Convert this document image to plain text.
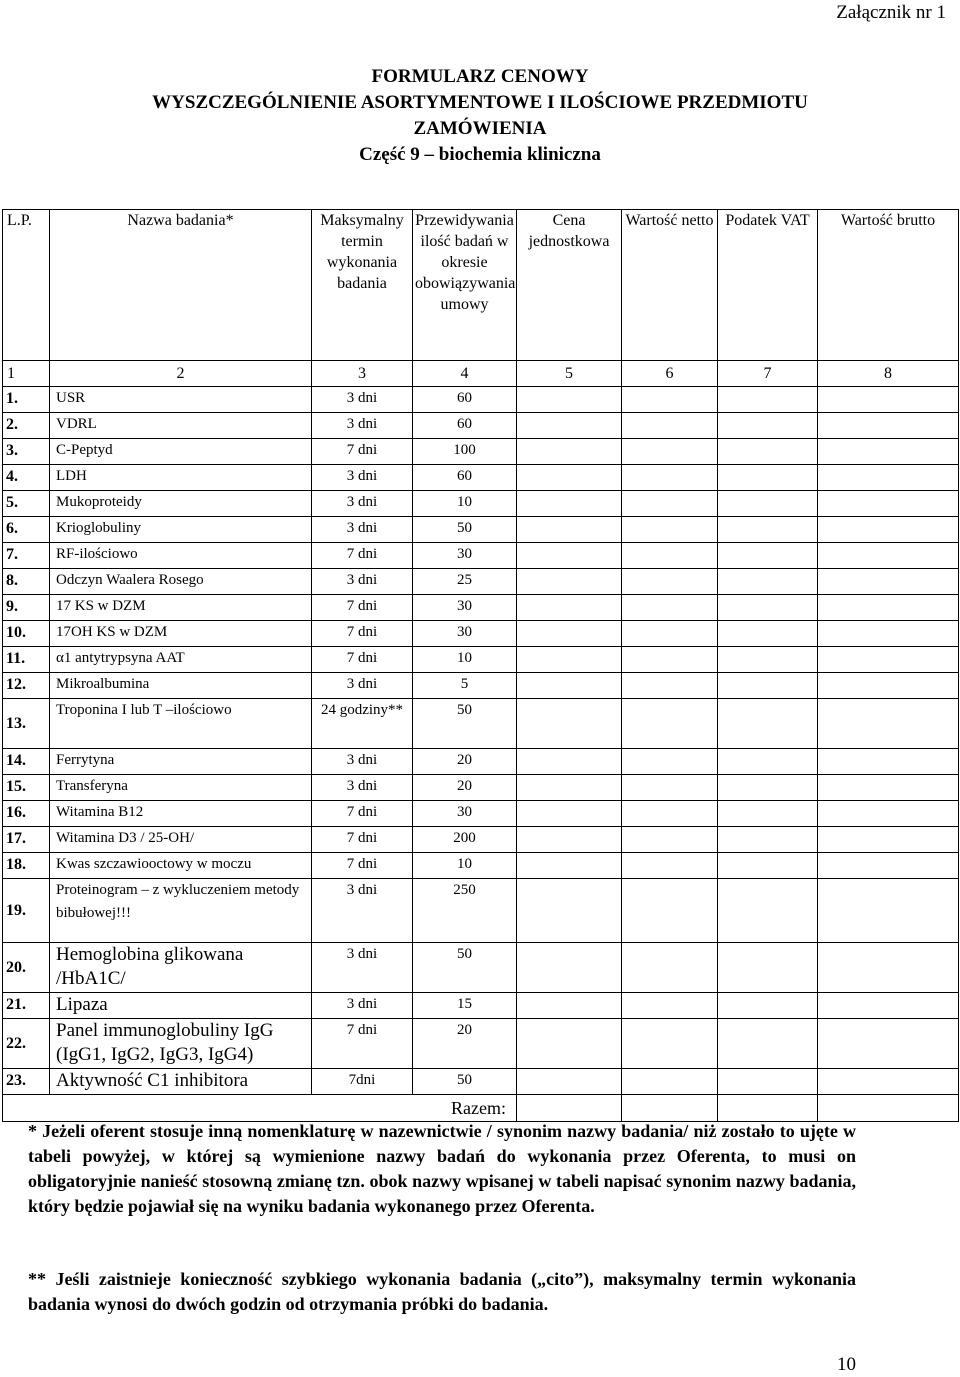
Załącznik nr 1
FORMULARZ CENOWY
WYSZCZEGÓLNIENIE ASORTYMENTOWE I ILOŚCIOWE PRZEDMIOTU
ZAMÓWIENIA
Część 9 – biochemia kliniczna
L.P.	Nazwa badania*	Maksymalny termin wykonania badania	Przewidywania ilość badań w okresie obowiązywania umowy	Cena jednostkowa	Wartość netto	Podatek VAT	Wartość brutto
1	2	3	4	5	6	7	8
1.	USR	3 dni	60				
2.	VDRL	3 dni	60				
3.	C-Peptyd	7 dni	100				
4.	LDH	3 dni	60				
5.	Mukoproteidy	3 dni	10				
6.	Krioglobuliny	3 dni	50				
7.	RF-ilościowo	7 dni	30				
8.	Odczyn Waalera Rosego	3 dni	25				
9.	17 KS w DZM	7 dni	30				
10.	17OH KS w DZM	7 dni	30				
11.	α1 antytrypsyna AAT	7 dni	10				
12.	Mikroalbumina	3 dni	5				
13.	Troponina I lub T –ilościowo	24 godziny**	50				
14.	Ferrytyna	3 dni	20				
15.	Transferyna	3 dni	20				
16.	Witamina B12	7 dni	30				
17.	Witamina D3 / 25-OH/	7 dni	200				
18.	Kwas szczawiooctowy w moczu	7 dni	10				
19.	Proteinogram – z wykluczeniem metody bibułowej!!!	3 dni	250				
20.	Hemoglobina glikowana /HbA1C/	3 dni	50				
21.	Lipaza	3 dni	15				
22.	Panel immunoglobuliny IgG (IgG1, IgG2, IgG3, IgG4)	7 dni	20				
23.	Aktywność C1 inhibitora	7dni	50				
Razem:							
* Jeżeli oferent stosuje inną nomenklaturę w nazewnictwie / synonim nazwy badania/ niż zostało to ujęte w tabeli powyżej, w której są wymienione nazwy badań do wykonania przez Oferenta, to musi on obligatoryjnie nanieść stosowną zmianę tzn. obok nazwy wpisanej w tabeli napisać synonim nazwy badania, który będzie pojawiał się na wyniku badania wykonanego przez Oferenta.
** Jeśli zaistnieje konieczność szybkiego wykonania badania („cito”), maksymalny termin wykonania badania wynosi do dwóch godzin od otrzymania próbki do badania.
10
